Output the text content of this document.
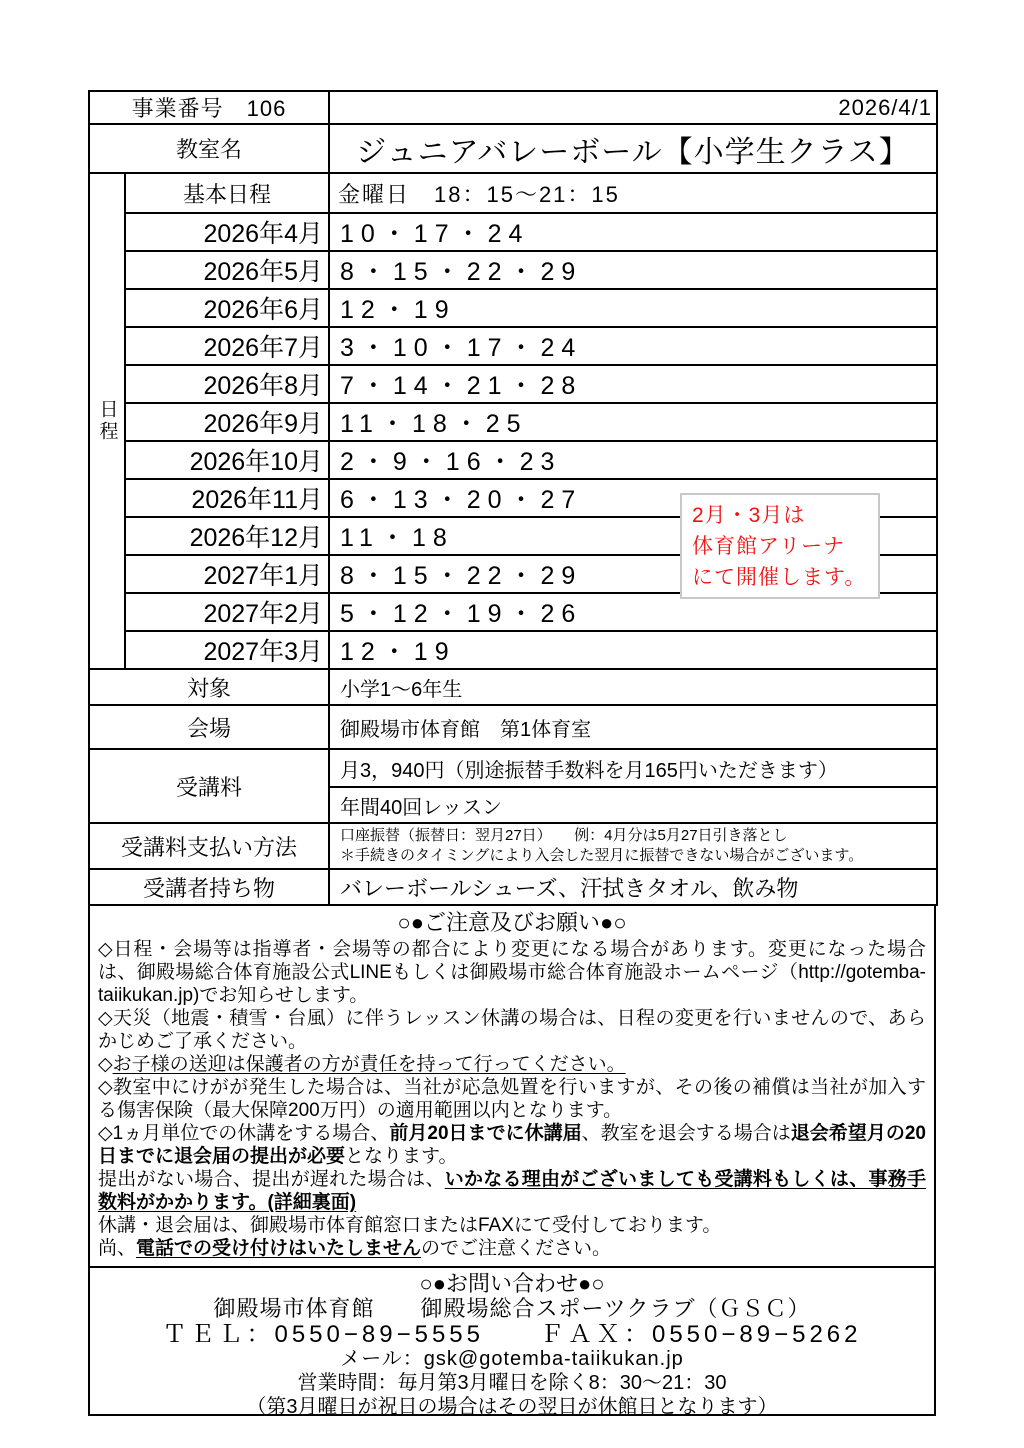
事業番号　106	2026/4/1
教室名	ジュニアバレーボール【小学生クラス】
日程	基本日程	金曜日　18：15～21：15
	2026年4月	10・17・24
	2026年5月	8・15・22・29
	2026年6月	12・19
	2026年7月	3・10・17・24
	2026年8月	7・14・21・28
	2026年9月	11・18・25
	2026年10月	2・9・16・23
	2026年11月	6・13・20・27
	2026年12月	11・18
	2027年1月	8・15・22・29
	2027年2月	5・12・19・26
	2027年3月	12・19
対象	小学1～6年生
会場	御殿場市体育館　第1体育室
受講料	月3，940円（別途振替手数料を月165円いただきます）
	年間40回レッスン
受講料支払い方法	口座振替（振替日：翌月27日）　　例：4月分は5月27日引き落とし
＊手続きのタイミングにより入会した翌月に振替できない場合がございます。

受講者持ち物	バレーボールシューズ、汗拭きタオル、飲み物
○●ご注意及びお願い●○
◇日程・会場等は指導者・会場等の都合により変更になる場合があります。変更になった場合は、御殿場総合体育施設公式LINEもしくは御殿場市総合体育施設ホームページ（http://gotemba-taiikukan.jp)でお知らせします。
◇天災（地震・積雪・台風）に伴うレッスン休講の場合は、日程の変更を行いませんので、あらかじめご了承ください。
◇お子様の送迎は保護者の方が責任を持って行ってください。
◇教室中にけがが発生した場合は、当社が応急処置を行いますが、その後の補償は当社が加入する傷害保険（最大保障200万円）の適用範囲以内となります。
◇1ヵ月単位での休講をする場合、前月20日までに休講届、教室を退会する場合は退会希望月の20日までに退会届の提出が必要となります。
提出がない場合、提出が遅れた場合は、いかなる理由がございましても受講料もしくは、事務手数料がかかります。(詳細裏面)
休講・退会届は、御殿場市体育館窓口またはFAXにて受付しております。
尚、電話での受け付けはいたしませんのでご注意ください。
○●お問い合わせ●○
御殿場市体育館　　御殿場総合スポーツクラブ（ＧＳＣ）
ＴＥＬ：0550−89−5555　　ＦＡＸ：0550−89−5262
メール：gsk@gotemba-taiikukan.jp
営業時間：毎月第3月曜日を除く8：30～21：30
（第3月曜日が祝日の場合はその翌日が休館日となります）
2月・3月は
体育館アリーナ
にて開催します。
